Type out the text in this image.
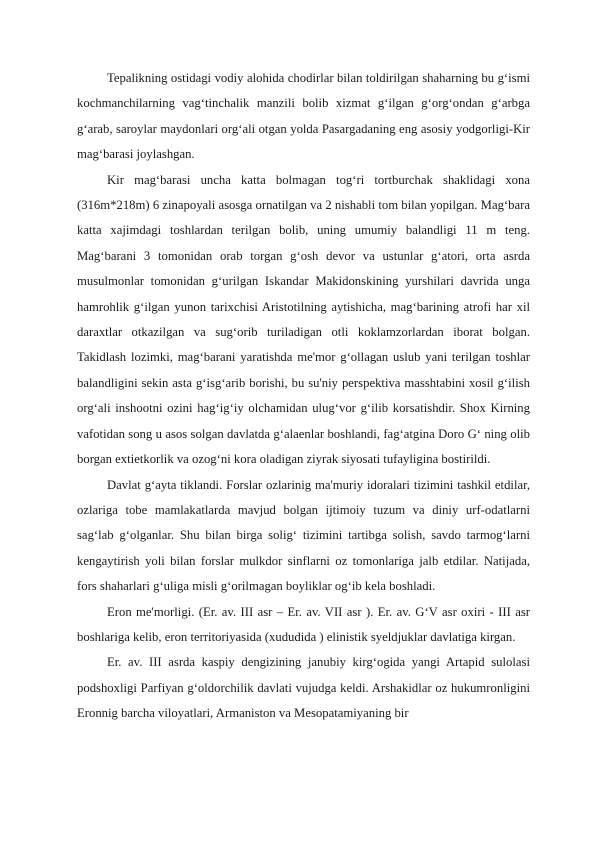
Tepalikning ostidagi vodiy alohida chodirlar bilan toldirilgan shaharning bu g‘ismi kochmanchilarning vag‘tinchalik manzili bolib xizmat g‘ilgan g‘org‘ondan g‘arbga g‘arab, saroylar maydonlari org‘ali otgan yolda Pasargadaning eng asosiy yodgorligi-Kir mag‘barasi joylashgan.

Kir mag‘barasi uncha katta bolmagan tog‘ri tortburchak shaklidagi xona (316m*218m) 6 zinapoyali asosga ornatilgan va 2 nishabli tom bilan yopilgan. Mag‘bara katta xajimdagi toshlardan terilgan bolib, uning umumiy balandligi 11 m teng. Mag‘barani 3 tomonidan orab torgan g‘osh devor va ustunlar g‘atori, orta asrda musulmonlar tomonidan g‘urilgan Iskandar Makidonskining yurshilari davrida unga hamrohlik g‘ilgan yunon tarixchisi Aristotilning aytishicha, mag‘barining atrofi har xil daraxtlar otkazilgan va sug‘orib turiladigan otli koklamzorlardan iborat bolgan. Takidlash lozimki, mag‘barani yaratishda me'mor g‘ollagan uslub yani terilgan toshlar balandligini sekin asta g‘isg‘arib borishi, bu su'niy perspektiva masshtabini xosil g‘ilish org‘ali inshootni ozini hag‘ig‘iy olchamidan ulug‘vor g‘ilib korsatishdir. Shox Kirning vafotidan song u asos solgan davlatda g‘alaenlar boshlandi, fag‘atgina Doro G‘ ning olib borgan extietkorlik va ozog‘ni kora oladigan ziyrak siyosati tufayligina bostirildi.

Davlat g‘ayta tiklandi. Forslar ozlarinig ma'muriy idoralari tizimini tashkil etdilar, ozlariga tobe mamlakatlarda mavjud bolgan ijtimoiy tuzum va diniy urf-odatlarni sag‘lab g‘olganlar. Shu bilan birga solig‘ tizimini tartibga solish, savdo tarmog‘larni kengaytirish yoli bilan forslar mulkdor sinflarni oz tomonlariga jalb etdilar. Natijada, fors shaharlari g‘uliga misli g‘orilmagan boyliklar og‘ib kela boshladi.

Eron me'morligi. (Er. av. III asr – Er. av. VII asr ). Er. av. G‘V asr oxiri - III asr boshlariga kelib, eron territoriyasida (xududida ) elinistik syeldjuklar davlatiga kirgan.

Er. av. III asrda kaspiy dengizining janubiy kirg‘ogida yangi Artapid sulolasi podshoxligi Parfiyan g‘oldorchilik davlati vujudga keldi. Arshakidlar oz hukumronligini Eronnig barcha viloyatlari, Armaniston va Mesopatamiyaning bir
